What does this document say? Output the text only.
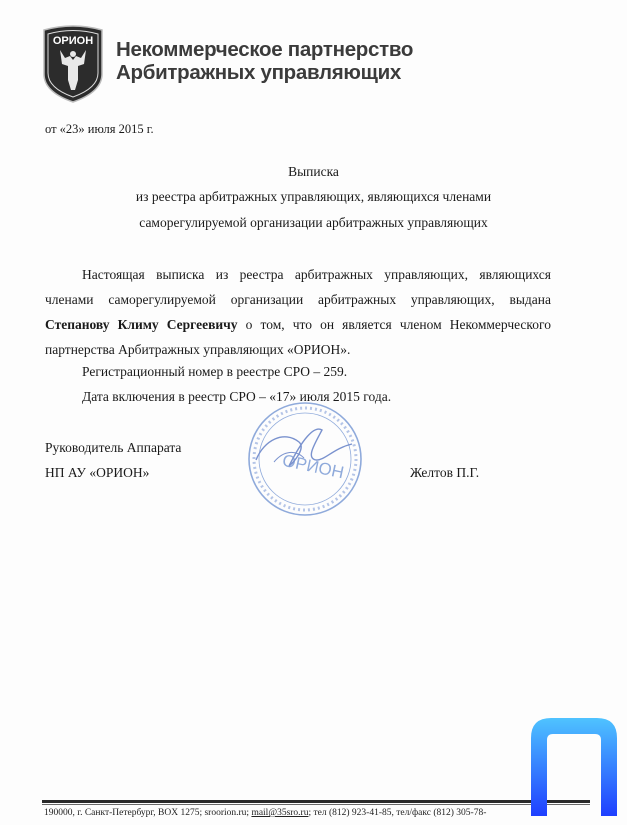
ОРИОН Некоммерческое партнерство
Арбитражных управляющих
от «23» июля 2015 г.
Выписка
из реестра арбитражных управляющих, являющихся членами
саморегулируемой организации арбитражных управляющих
Настоящая выписка из реестра арбитражных управляющих, являющихся членами саморегулируемой организации арбитражных управляющих, выдана Степанову Климу Сергеевичу о том, что он является членом Некоммерческого партнерства Арбитражных управляющих «ОРИОН».
Регистрационный номер в реестре СРО – 259.
Дата включения в реестр СРО – «17» июля 2015 года.
Руководитель Аппарата
НП АУ «ОРИОН»	Желтов П.Г.
ОРИОН
190000, г. Санкт-Петербург, BOX 1275; srooriоn.ru; mail@35sro.ru; тел (812) 923-41-85, тел/факс (812) 305-78-
